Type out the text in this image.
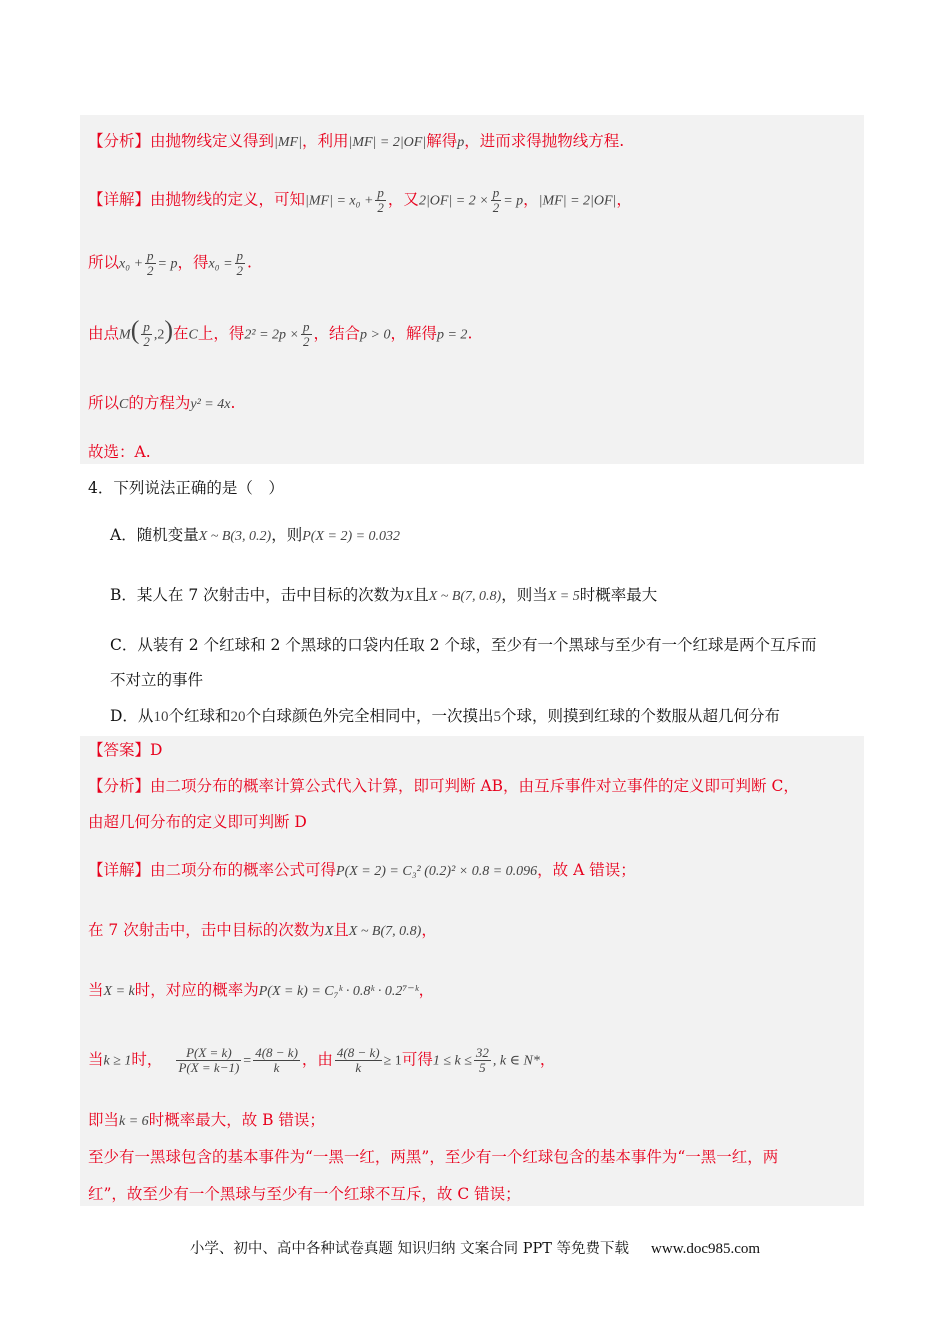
【分析】由抛物线定义得到|MF|，利用|MF| = 2|OF|解得p，进而求得抛物线方程.
【详解】由抛物线的定义，可知$|MF| = x_0 + \frac{p}{2}$ ，又$2|OF| = 2 \times \frac{p}{2} = p$，|MF| = 2|OF|，
所以$x_0 + \frac{p}{2} = p$，得$x_0 = \frac{p}{2}$ .
由点$M( \frac{p}{2} ,2)$在C上，得$2^2 = 2p \times \frac{p}{2}$ ，结合p > 0，解得p = 2.
所以C的方程为y² = 4x.
故选：A.
4．下列说法正确的是（　）
A．随机变量X ~ B(3, 0.2)，则P(X = 2) = 0.032
B．某人在 7 次射击中，击中目标的次数为X且X ~ B(7, 0.8)，则当X = 5时概率最大
C．从装有 2 个红球和 2 个黑球的口袋内任取 2 个球，至少有一个黑球与至少有一个红球是两个互斥而
不对立的事件
D．从10个红球和20个白球颜色外完全相同中，一次摸出5个球，则摸到红球的个数服从超几何分布
【答案】D
【分析】由二项分布的概率计算公式代入计算，即可判断 AB，由互斥事件对立事件的定义即可判断 C，
由超几何分布的定义即可判断 D
【详解】由二项分布的概率公式可得P(X = 2) = C₃² (0.2)² × 0.8 = 0.096，故 A 错误；
在 7 次射击中，击中目标的次数为X且X ~ B(7, 0.8)，
当X = k时，对应的概率为P(X = k) = C₇ᵏ · 0.8ᵏ · 0.2⁷⁻ᵏ，
当k ≥ 1时， $\frac{P(X = k)}{P(X = k-1)} = \frac{4(8 - k)}{k}$ ，由 $\frac{4(8 - k)}{k} \ge 1$可得$1 \le k \le \frac{32}{5}$ , k ∈ N*，
即当k = 6时概率最大，故 B 错误；
至少有一黑球包含的基本事件为“一黑一红，两黑”，至少有一个红球包含的基本事件为“一黑一红，两
红”，故至少有一个黑球与至少有一个红球不互斥，故 C 错误；
小学、初中、高中各种试卷真题 知识归纳 文案合同 PPT 等免费下载 www.doc985.com
